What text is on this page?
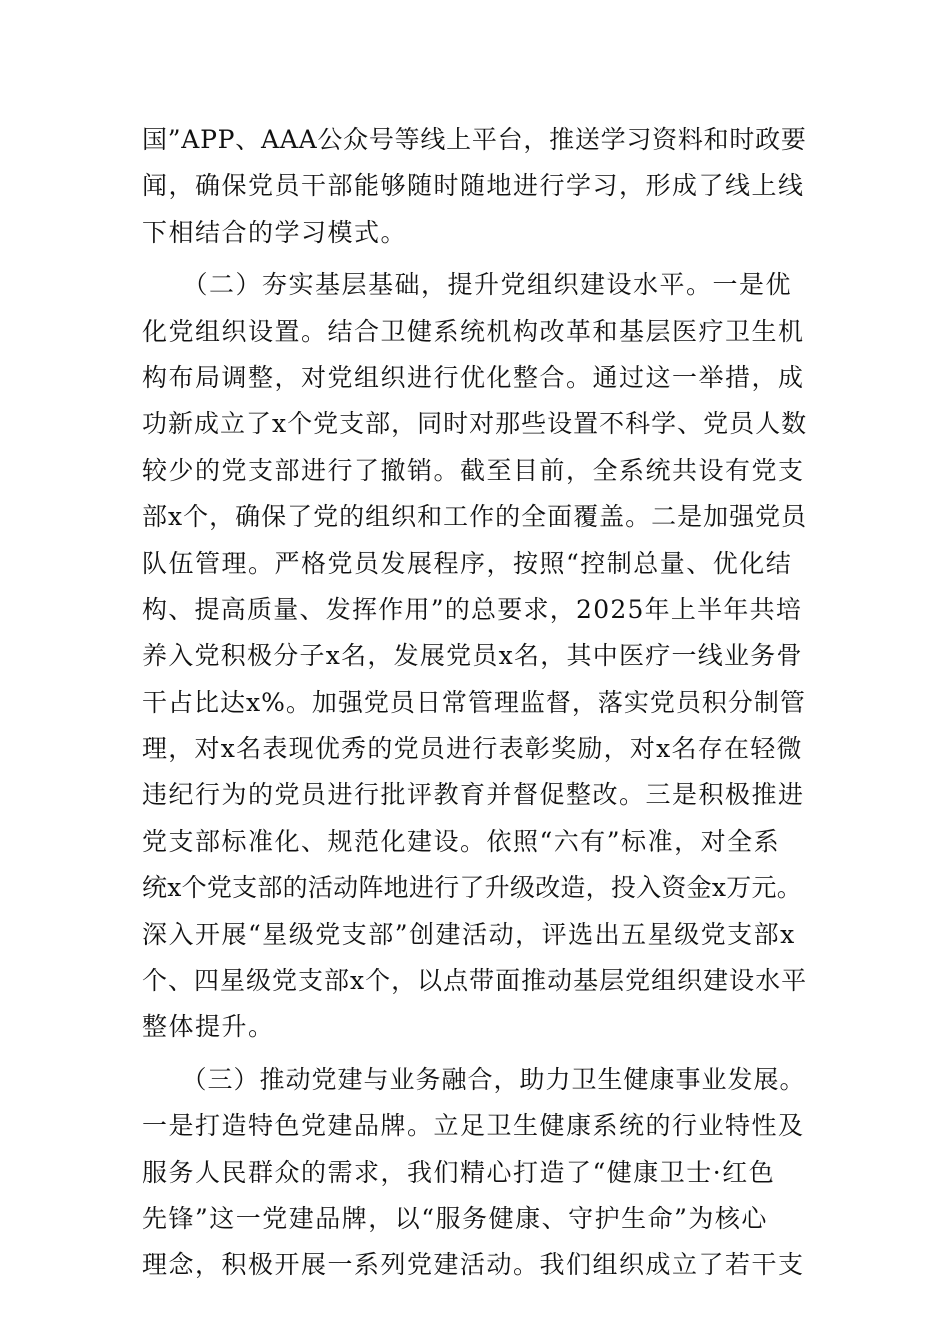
国”APP、AAA公众号等线上平台，推送学习资料和时政要
闻，确保党员干部能够随时随地进行学习，形成了线上线
下相结合的学习模式。
　　（二）夯实基层基础，提升党组织建设水平。一是优
化党组织设置。结合卫健系统机构改革和基层医疗卫生机
构布局调整，对党组织进行优化整合。通过这一举措，成
功新成立了x个党支部，同时对那些设置不科学、党员人数
较少的党支部进行了撤销。截至目前，全系统共设有党支
部x个，确保了党的组织和工作的全面覆盖。二是加强党员
队伍管理。严格党员发展程序，按照“控制总量、优化结
构、提高质量、发挥作用”的总要求，2025年上半年共培
养入党积极分子x名，发展党员x名，其中医疗一线业务骨
干占比达x%。加强党员日常管理监督，落实党员积分制管
理，对x名表现优秀的党员进行表彰奖励，对x名存在轻微
违纪行为的党员进行批评教育并督促整改。三是积极推进
党支部标准化、规范化建设。依照“六有”标准，对全系
统x个党支部的活动阵地进行了升级改造，投入资金x万元。
深入开展“星级党支部”创建活动，评选出五星级党支部x
个、四星级党支部x个，以点带面推动基层党组织建设水平
整体提升。
　　（三）推动党建与业务融合，助力卫生健康事业发展。
一是打造特色党建品牌。立足卫生健康系统的行业特性及
服务人民群众的需求，我们精心打造了“健康卫士·红色
先锋”这一党建品牌，以“服务健康、守护生命”为核心
理念，积极开展一系列党建活动。我们组织成立了若干支
